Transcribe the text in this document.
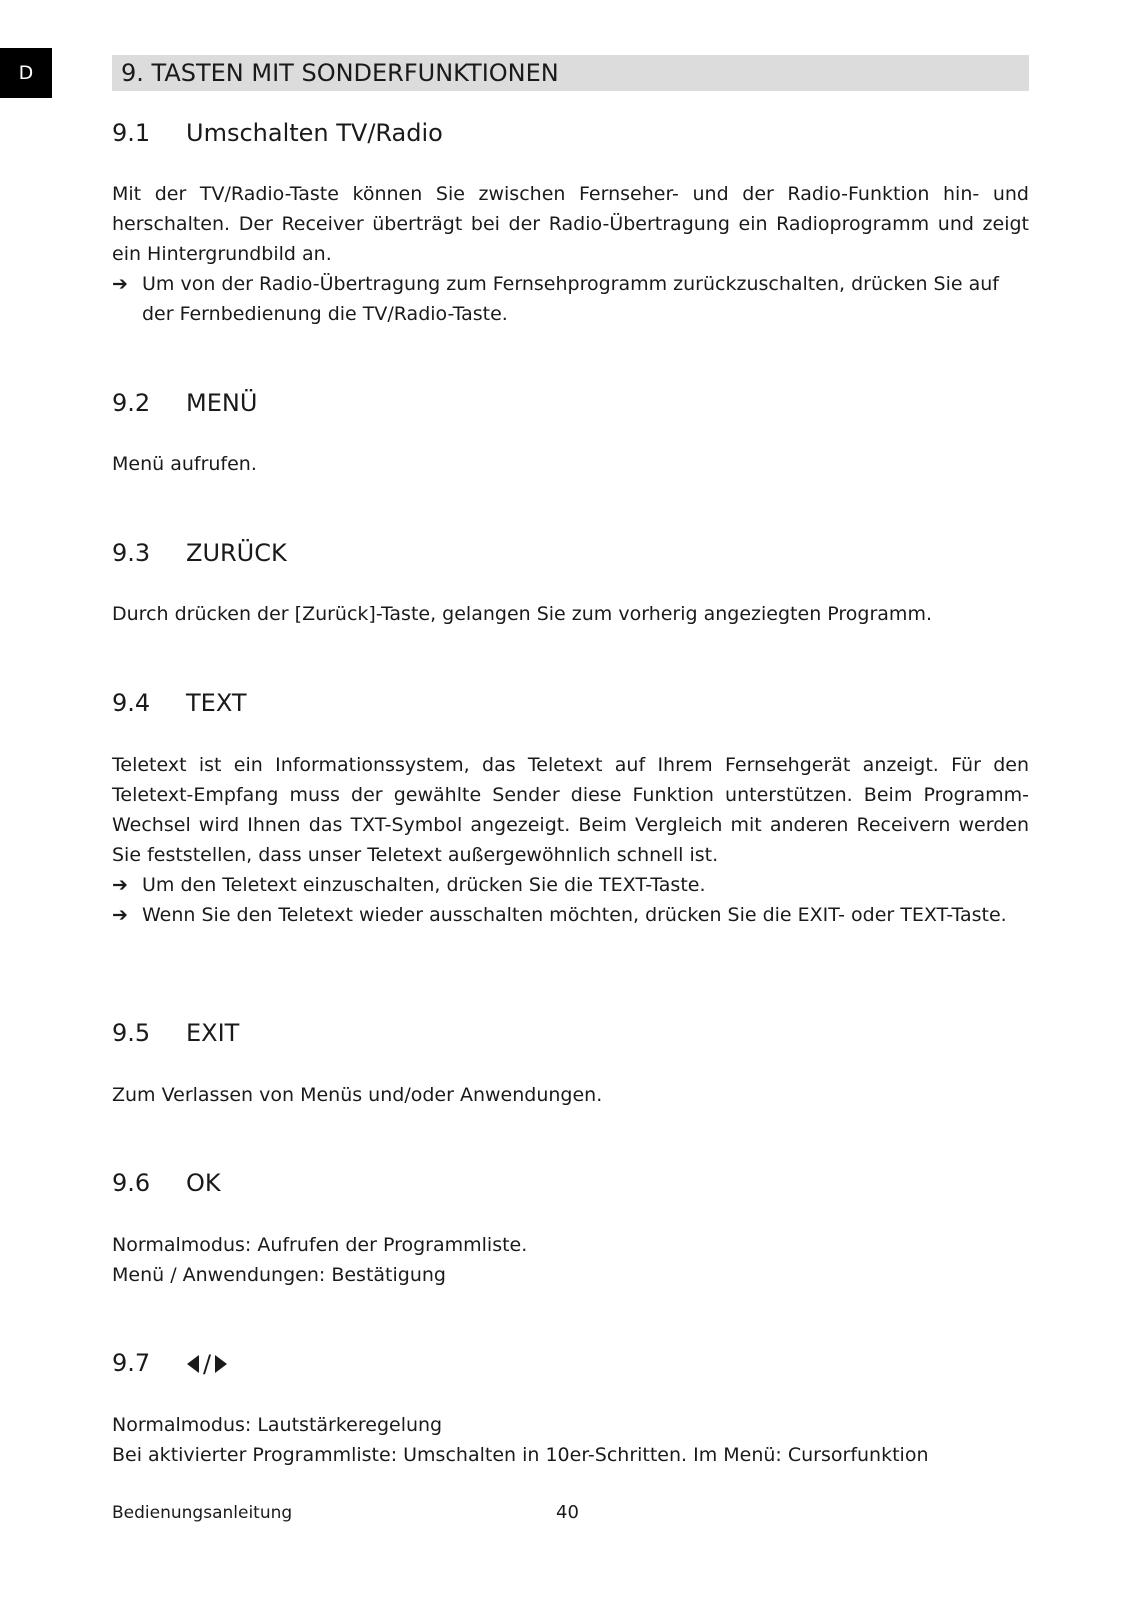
D	9. TASTEN MIT SONDERFUNKTIONEN
9.1 Umschalten TV/Radio
Mit der TV/Radio-Taste können Sie zwischen Fernseher- und der Radio-Funktion hin- und herschalten. Der Receiver überträgt bei der Radio-Übertragung ein Radioprogramm und zeigt ein Hintergrundbild an.
➔ Um von der Radio-Übertragung zum Fernsehprogramm zurückzuschalten, drücken Sie auf der Fernbedienung die TV/Radio-Taste.
9.2 MENÜ
Menü aufrufen.
9.3 ZURÜCK
Durch drücken der [Zurück]-Taste, gelangen Sie zum vorherig angeziegten Programm.
9.4 TEXT
Teletext ist ein Informationssystem, das Teletext auf Ihrem Fernsehgerät anzeigt. Für den Teletext-Empfang muss der gewählte Sender diese Funktion unterstützen. Beim Programm-Wechsel wird Ihnen das TXT-Symbol angezeigt. Beim Vergleich mit anderen Receivern werden Sie feststellen, dass unser Teletext außergewöhnlich schnell ist.
➔ Um den Teletext einzuschalten, drücken Sie die TEXT-Taste.
➔ Wenn Sie den Teletext wieder ausschalten möchten, drücken Sie die EXIT- oder TEXT-Taste.
9.5 EXIT
Zum Verlassen von Menüs und/oder Anwendungen.
9.6 OK
Normalmodus: Aufrufen der Programmliste.
Menü / Anwendungen: Bestätigung
9.7 /
Normalmodus: Lautstärkeregelung
Bei aktivierter Programmliste: Umschalten in 10er-Schritten. Im Menü: Cursorfunktion
Bedienungsanleitung	40
